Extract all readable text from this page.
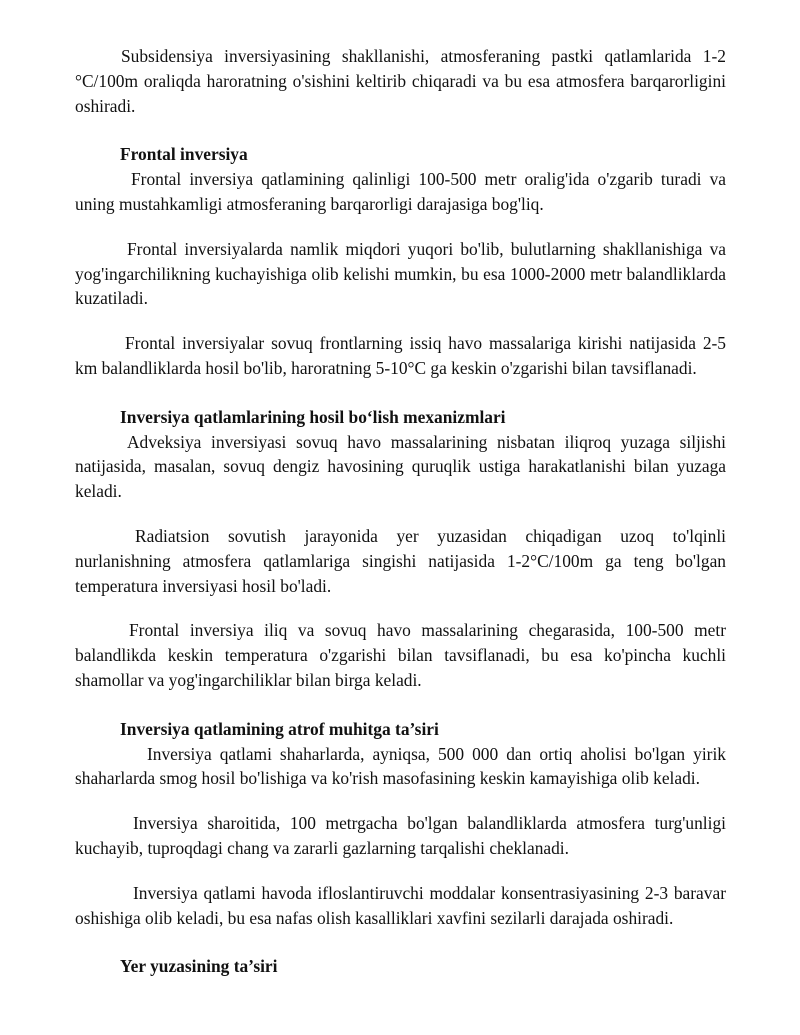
Subsidensiya inversiyasining shakllanishi, atmosferaning pastki qatlamlarida 1-2 °C/100m oraliqda haroratning o'sishini keltirib chiqaradi va bu esa atmosfera barqarorligini oshiradi.

Frontal inversiya

Frontal inversiya qatlamining qalinligi 100-500 metr oralig'ida o'zgarib turadi va uning mustahkamligi atmosferaning barqarorligi darajasiga bog'liq.

Frontal inversiyalarda namlik miqdori yuqori bo'lib, bulutlarning shakllanishiga va yog'ingarchilikning kuchayishiga olib kelishi mumkin, bu esa 1000-2000 metr balandliklarda kuzatiladi.

Frontal inversiyalar sovuq frontlarning issiq havo massalariga kirishi natijasida 2-5 km balandliklarda hosil bo'lib, haroratning 5-10°C ga keskin o'zgarishi bilan tavsiflanadi.

Inversiya qatlamlarining hosil bo‘lish mexanizmlari

Adveksiya inversiyasi sovuq havo massalarining nisbatan iliqroq yuzaga siljishi natijasida, masalan, sovuq dengiz havosining quruqlik ustiga harakatlanishi bilan yuzaga keladi.

Radiatsion sovutish jarayonida yer yuzasidan chiqadigan uzoq to'lqinli nurlanishning atmosfera qatlamlariga singishi natijasida 1-2°C/100m ga teng bo'lgan temperatura inversiyasi hosil bo'ladi.

Frontal inversiya iliq va sovuq havo massalarining chegarasida, 100-500 metr balandlikda keskin temperatura o'zgarishi bilan tavsiflanadi, bu esa ko'pincha kuchli shamollar va yog'ingarchiliklar bilan birga keladi.

Inversiya qatlamining atrof muhitga ta’siri

Inversiya qatlami shaharlarda, ayniqsa, 500 000 dan ortiq aholisi bo'lgan yirik shaharlarda smog hosil bo'lishiga va ko'rish masofasining keskin kamayishiga olib keladi.

Inversiya sharoitida, 100 metrgacha bo'lgan balandliklarda atmosfera turg'unligi kuchayib, tuproqdagi chang va zararli gazlarning tarqalishi cheklanadi.

Inversiya qatlami havoda ifloslantiruvchi moddalar konsentrasiyasining 2-3 baravar oshishiga olib keladi, bu esa nafas olish kasalliklari xavfini sezilarli darajada oshiradi.

Yer yuzasining ta’siri
